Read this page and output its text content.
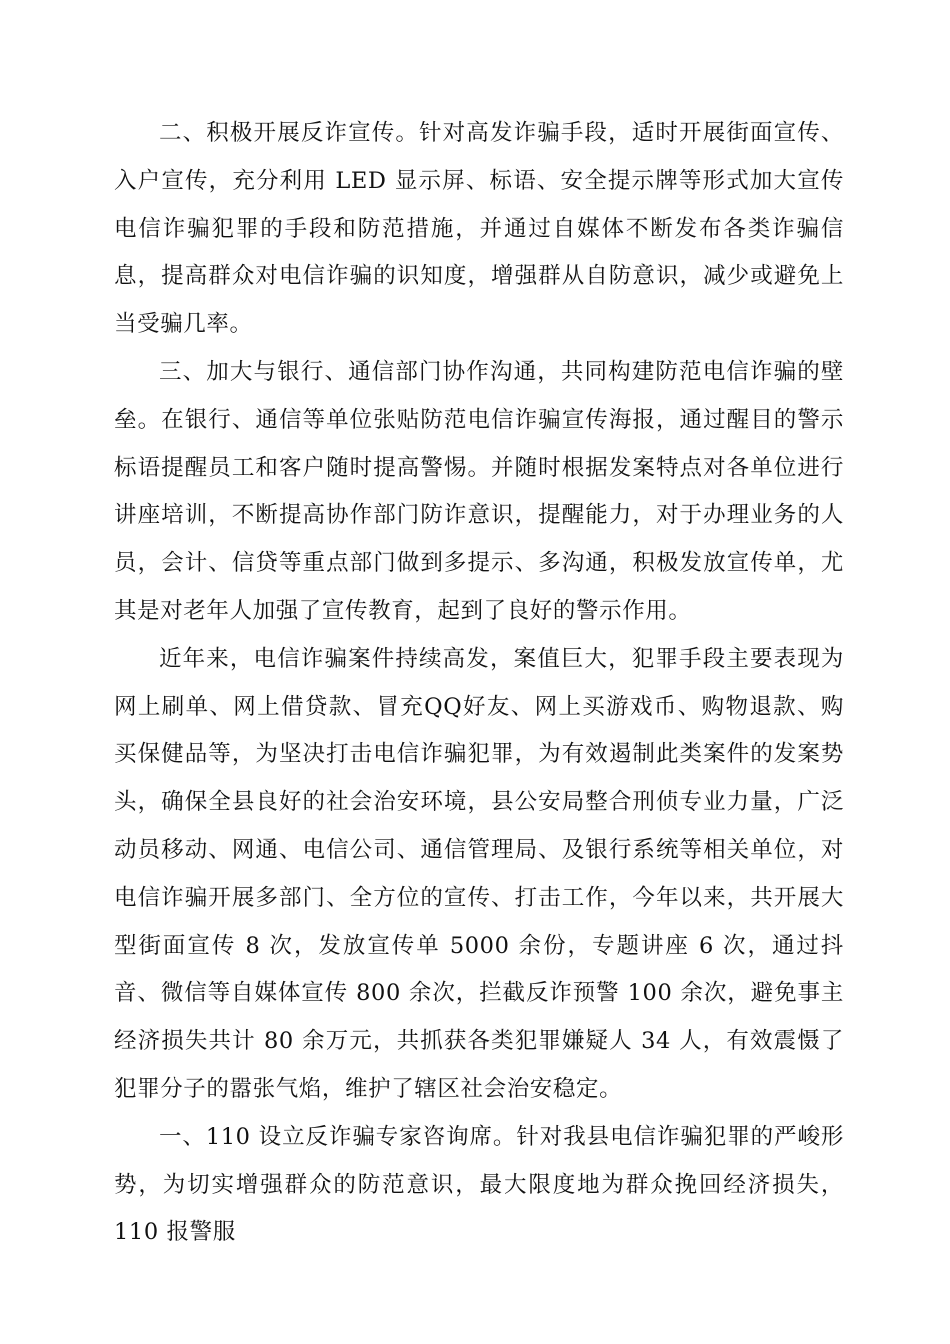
二、积极开展反诈宣传。针对高发诈骗手段，适时开展街面宣传、入户宣传，充分利用 LED 显示屏、标语、安全提示牌等形式加大宣传电信诈骗犯罪的手段和防范措施，并通过自媒体不断发布各类诈骗信息，提高群众对电信诈骗的识知度，增强群从自防意识，减少或避免上当受骗几率。

三、加大与银行、通信部门协作沟通，共同构建防范电信诈骗的壁垒。在银行、通信等单位张贴防范电信诈骗宣传海报，通过醒目的警示标语提醒员工和客户随时提高警惕。并随时根据发案特点对各单位进行讲座培训，不断提高协作部门防诈意识，提醒能力，对于办理业务的人员，会计、信贷等重点部门做到多提示、多沟通，积极发放宣传单，尤其是对老年人加强了宣传教育，起到了良好的警示作用。

近年来，电信诈骗案件持续高发，案值巨大，犯罪手段主要表现为网上刷单、网上借贷款、冒充QQ好友、网上买游戏币、购物退款、购买保健品等，为坚决打击电信诈骗犯罪，为有效遏制此类案件的发案势头，确保全县良好的社会治安环境，县公安局整合刑侦专业力量，广泛动员移动、网通、电信公司、通信管理局、及银行系统等相关单位，对电信诈骗开展多部门、全方位的宣传、打击工作，今年以来，共开展大型街面宣传 8 次，发放宣传单 5000 余份，专题讲座 6 次，通过抖音、微信等自媒体宣传 800 余次，拦截反诈预警 100 余次，避免事主经济损失共计 80 余万元，共抓获各类犯罪嫌疑人 34 人，有效震慑了犯罪分子的嚣张气焰，维护了辖区社会治安稳定。

一、110 设立反诈骗专家咨询席。针对我县电信诈骗犯罪的严峻形势，为切实增强群众的防范意识，最大限度地为群众挽回经济损失，110 报警服
